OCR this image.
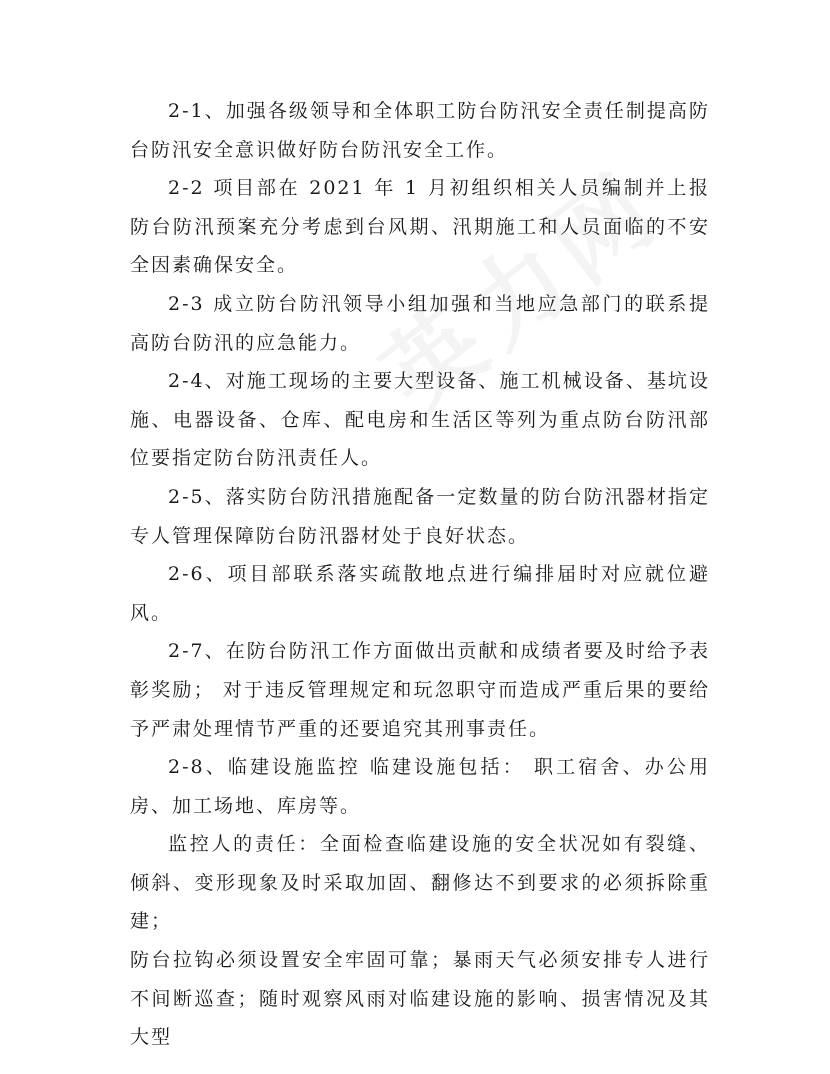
2-1、加强各级领导和全体职工防台防汛安全责任制提高防台防汛安全意识做好防台防汛安全工作。

2-2 项目部在 2021 年 1 月初组织相关人员编制并上报防台防汛预案充分考虑到台风期、汛期施工和人员面临的不安全因素确保安全。

2-3 成立防台防汛领导小组加强和当地应急部门的联系提高防台防汛的应急能力。

2-4、对施工现场的主要大型设备、施工机械设备、基坑设施、电器设备、仓库、配电房和生活区等列为重点防台防汛部位要指定防台防汛责任人。

2-5、落实防台防汛措施配备一定数量的防台防汛器材指定专人管理保障防台防汛器材处于良好状态。

2-6、项目部联系落实疏散地点进行编排届时对应就位避风。

2-7、在防台防汛工作方面做出贡献和成绩者要及时给予表彰奖励； 对于违反管理规定和玩忽职守而造成严重后果的要给予严肃处理情节严重的还要追究其刑事责任。

2-8、临建设施监控 临建设施包括： 职工宿舍、办公用房、加工场地、库房等。

监控人的责任：全面检查临建设施的安全状况如有裂缝、倾斜、变形现象及时采取加固、翻修达不到要求的必须拆除重建；

防台拉钩必须设置安全牢固可靠；暴雨天气必须安排专人进行不间断巡查；随时观察风雨对临建设施的影响、损害情况及其大型
